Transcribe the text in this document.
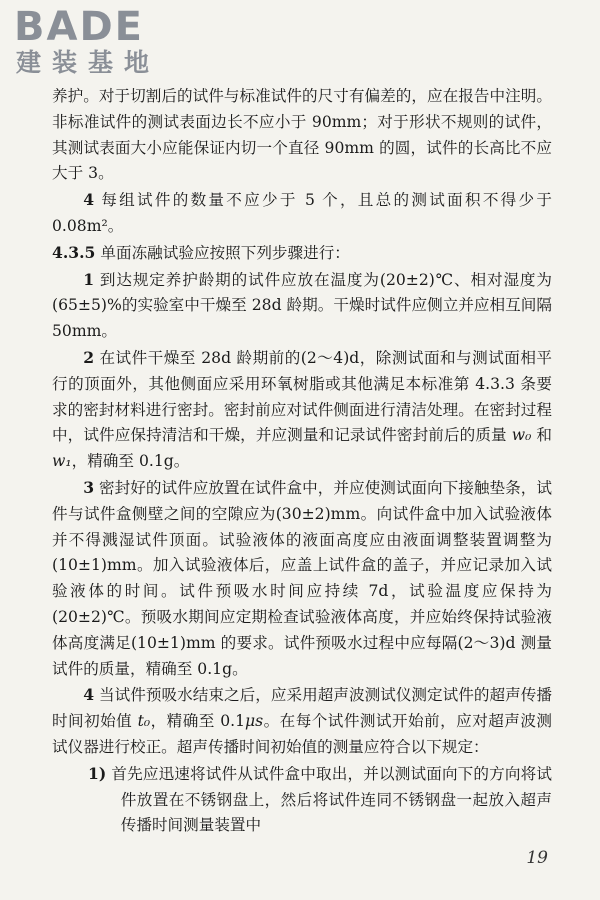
BADE
建装基地

养护。对于切割后的试件与标准试件的尺寸有偏差的，应在报告中注明。非标准试件的测试表面边长不应小于 90mm；对于形状不规则的试件，其测试表面大小应能保证内切一个直径 90mm 的圆，试件的长高比不应大于 3。

4 每组试件的数量不应少于 5 个，且总的测试面积不得少于 0.08m²。

4.3.5 单面冻融试验应按照下列步骤进行：

1 到达规定养护龄期的试件应放在温度为(20±2)℃、相对湿度为(65±5)%的实验室中干燥至 28d 龄期。干燥时试件应侧立并应相互间隔 50mm。

2 在试件干燥至 28d 龄期前的(2～4)d，除测试面和与测试面相平行的顶面外，其他侧面应采用环氧树脂或其他满足本标准第 4.3.3 条要求的密封材料进行密封。密封前应对试件侧面进行清洁处理。在密封过程中，试件应保持清洁和干燥，并应测量和记录试件密封前后的质量 w₀ 和 w₁，精确至 0.1g。

3 密封好的试件应放置在试件盒中，并应使测试面向下接触垫条，试件与试件盒侧壁之间的空隙应为(30±2)mm。向试件盒中加入试验液体并不得溅湿试件顶面。试验液体的液面高度应由液面调整装置调整为(10±1)mm。加入试验液体后，应盖上试件盒的盖子，并应记录加入试验液体的时间。试件预吸水时间应持续 7d，试验温度应保持为(20±2)℃。预吸水期间应定期检查试验液体高度，并应始终保持试验液体高度满足(10±1)mm 的要求。试件预吸水过程中应每隔(2～3)d 测量试件的质量，精确至 0.1g。

4 当试件预吸水结束之后，应采用超声波测试仪测定试件的超声传播时间初始值 t₀，精确至 0.1μs。在每个试件测试开始前，应对超声波测试仪器进行校正。超声传播时间初始值的测量应符合以下规定：

1) 首先应迅速将试件从试件盒中取出，并以测试面向下的方向将试件放置在不锈钢盘上，然后将试件连同不锈钢盘一起放入超声传播时间测量装置中

19
